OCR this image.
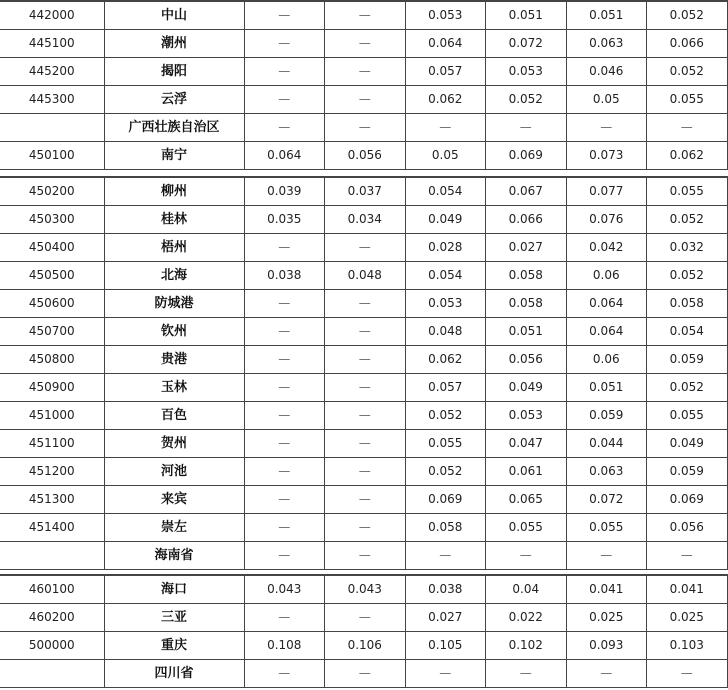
442000	中山	—	—	0.053	0.051	0.051	0.052
445100	潮州	—	—	0.064	0.072	0.063	0.066
445200	揭阳	—	—	0.057	0.053	0.046	0.052
445300	云浮	—	—	0.062	0.052	0.05	0.055
	广西壮族自治区	—	—	—	—	—	—
450100	南宁	0.064	0.056	0.05	0.069	0.073	0.062
450200	柳州	0.039	0.037	0.054	0.067	0.077	0.055
450300	桂林	0.035	0.034	0.049	0.066	0.076	0.052
450400	梧州	—	—	0.028	0.027	0.042	0.032
450500	北海	0.038	0.048	0.054	0.058	0.06	0.052
450600	防城港	—	—	0.053	0.058	0.064	0.058
450700	钦州	—	—	0.048	0.051	0.064	0.054
450800	贵港	—	—	0.062	0.056	0.06	0.059
450900	玉林	—	—	0.057	0.049	0.051	0.052
451000	百色	—	—	0.052	0.053	0.059	0.055
451100	贺州	—	—	0.055	0.047	0.044	0.049
451200	河池	—	—	0.052	0.061	0.063	0.059
451300	来宾	—	—	0.069	0.065	0.072	0.069
451400	崇左	—	—	0.058	0.055	0.055	0.056
	海南省	—	—	—	—	—	—
460100	海口	0.043	0.043	0.038	0.04	0.041	0.041
460200	三亚	—	—	0.027	0.022	0.025	0.025
500000	重庆	0.108	0.106	0.105	0.102	0.093	0.103
	四川省	—	—	—	—	—	—
